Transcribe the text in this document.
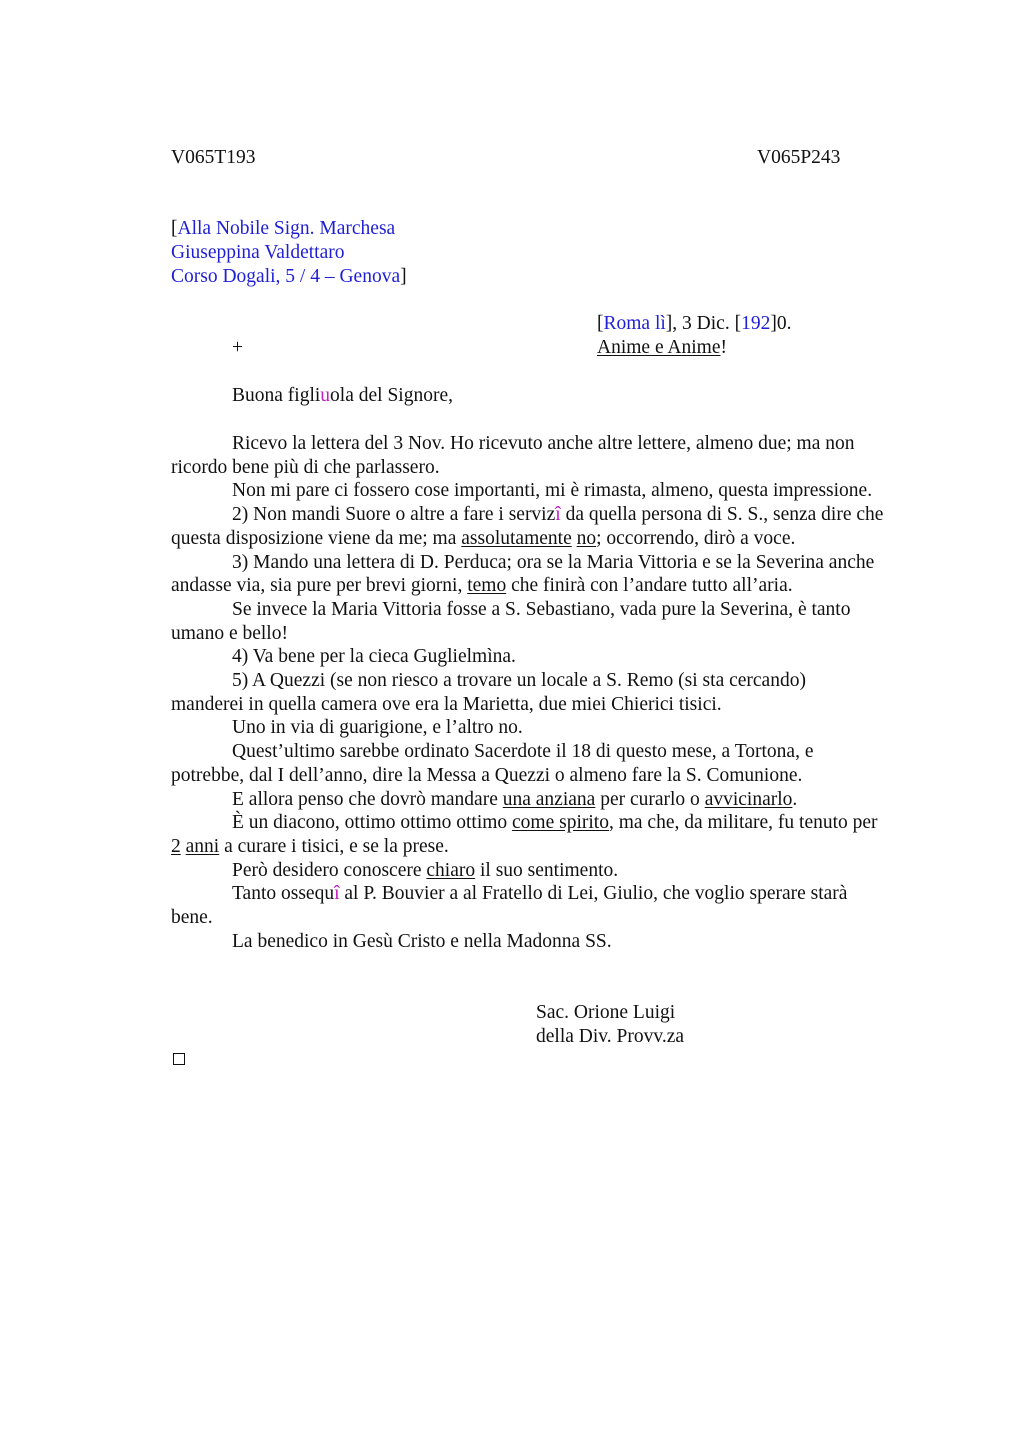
V065T193	V065P243
[Alla Nobile Sign. Marchesa
Giuseppina Valdettaro
Corso Dogali, 5 / 4 – Genova]
[Roma lì], 3 Dic. [192]0.
+	Anime e Anime!
Buona figliuola del Signore,

Ricevo la lettera del 3 Nov. Ho ricevuto anche altre lettere, almeno due; ma non
ricordo bene più di che parlassero.

Non mi pare ci fossero cose importanti, mi è rimasta, almeno, questa impressione.

2) Non mandi Suore o altre a fare i servizî da quella persona di S. S., senza dire che
questa disposizione viene da me; ma assolutamente no; occorrendo, dirò a voce.

3) Mando una lettera di D. Perduca; ora se la Maria Vittoria e se la Severina anche
andasse via, sia pure per brevi giorni, temo che finirà con l’andare tutto all’aria.

Se invece la Maria Vittoria fosse a S. Sebastiano, vada pure la Severina, è tanto
umano e bello!

4) Va bene per la cieca Guglielmìna.

5) A Quezzi (se non riesco a trovare un locale a S. Remo (si sta cercando)
manderei in quella camera ove era la Marietta, due miei Chierici tisici.

Uno in via di guarigione, e l’altro no.

Quest’ultimo sarebbe ordinato Sacerdote il 18 di questo mese, a Tortona, e
potrebbe, dal I dell’anno, dire la Messa a Quezzi o almeno fare la S. Comunione.

E allora penso che dovrò mandare una anziana per curarlo o avvicinarlo.

È un diacono, ottimo ottimo ottimo come spirito, ma che, da militare, fu tenuto per
2 anni a curare i tisici, e se la prese.

Però desidero conoscere chiaro il suo sentimento.

Tanto ossequî al P. Bouvier a al Fratello di Lei, Giulio, che voglio sperare starà
bene.

La benedico in Gesù Cristo e nella Madonna SS.

Sac. Orione Luigi
della Div. Provv.za
